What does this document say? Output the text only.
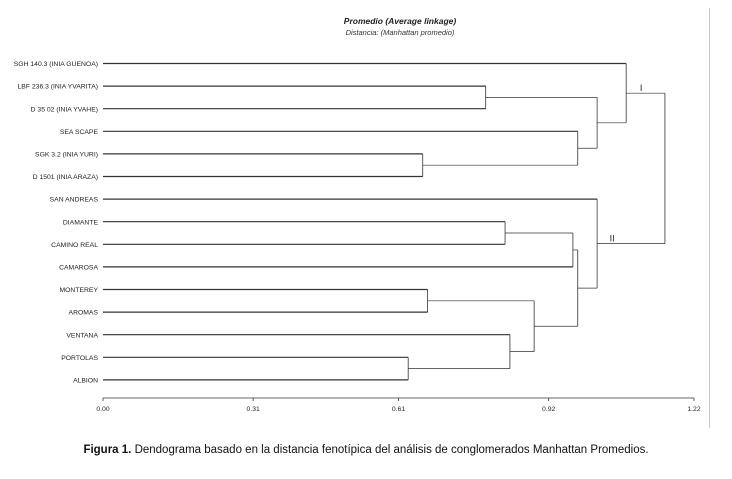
Promedio (Average linkage)
Distancia: (Manhattan promedio)
SGH 140.3 (INIA GUENOA)
LBF 236.3 (INIA YVARITA)
D 35 02 (INIA YVAHE)
SEA SCAPE
SGK 3.2 (INIA YURI)
D 1501 (INIA ARAZA)
SAN ANDREAS
DIAMANTE
CAMINO REAL
CAMAROSA
MONTEREY
AROMAS
VENTANA
PORTOLAS
ALBION
0.00	0.31	0.61	0.92	1.22
I
II
Figura 1. Dendograma basado en la distancia fenotípica del análisis de conglomerados Manhattan Promedios.
